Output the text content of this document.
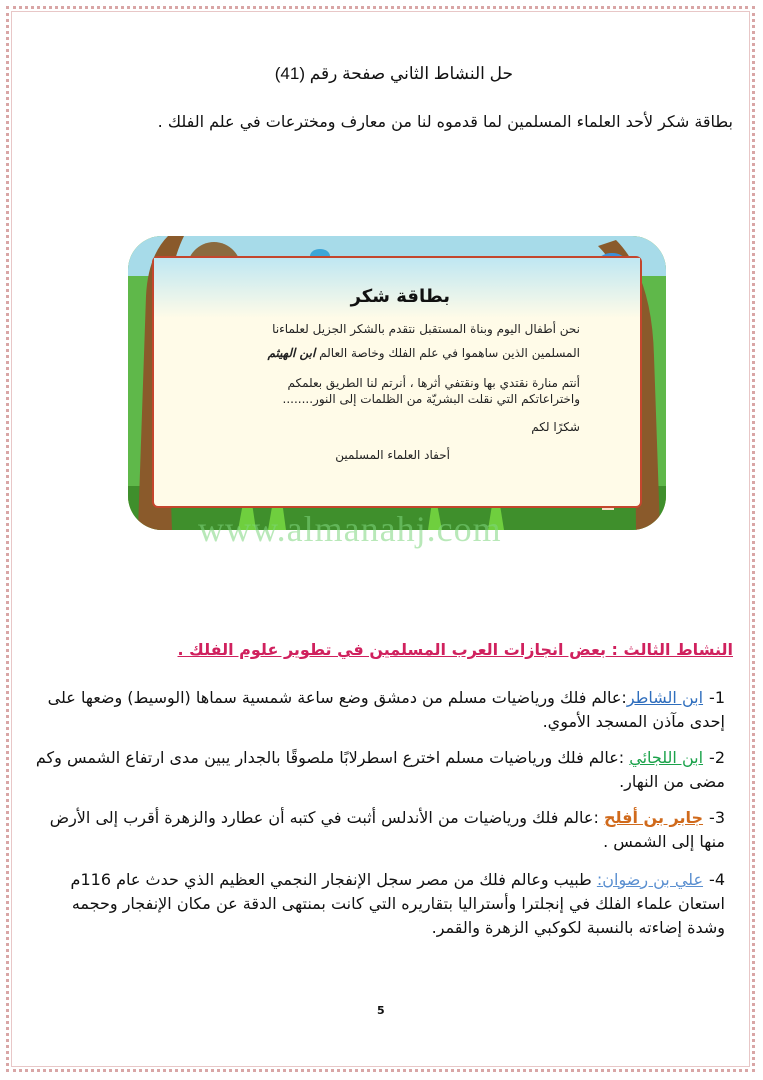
حل النشاط الثاني صفحة رقم (41)
بطاقة شكر لأحد العلماء المسلمين لما قدموه لنا من معارف ومخترعات في علم الفلك .
بطاقة شكر
نحن أطفال اليوم وبناة المستقبل نتقدم بالشكر الجزيل لعلماءنا
المسلمين الذين ساهموا في علم الفلك وخاصة العالم ابن الهيثم
أنتم منارة نقتدي بها ونقتفي أثرها ، أنرتم لنا الطريق بعلمكم
واختراعاتكم التي نقلت البشريّة من الظلمات إلى النور........
شكرًا لكم
أحفاد العلماء المسلمين
www.almanahj.com
النشاط الثالث : بعض انجازات العرب المسلمين في تطوير علوم الفلك .
1-ابن الشاطر:عالم فلك ورياضيات مسلم من دمشق وضع ساعة شمسية سماها (الوسيط) وضعها على إحدى مآذن المسجد الأموي.
2-ابن اللجائي :عالم فلك ورياضيات مسلم اخترع اسطرلابًا ملصوقًا بالجدار يبين مدى ارتفاع الشمس وكم مضى من النهار.
3-جابر بن أفلح :عالم فلك ورياضيات من الأندلس أثبت في كتبه أن عطارد والزهرة أقرب إلى الأرض منها إلى الشمس .
4-علي بن رضوان: طبيب وعالم فلك من مصر سجل الإنفجار النجمي العظيم الذي حدث عام 116م استعان علماء الفلك في إنجلترا وأستراليا بتقاريره التي كانت بمنتهى الدقة عن مكان الإنفجار وحجمه وشدة إضاءته بالنسبة لكوكبي الزهرة والقمر.
5
